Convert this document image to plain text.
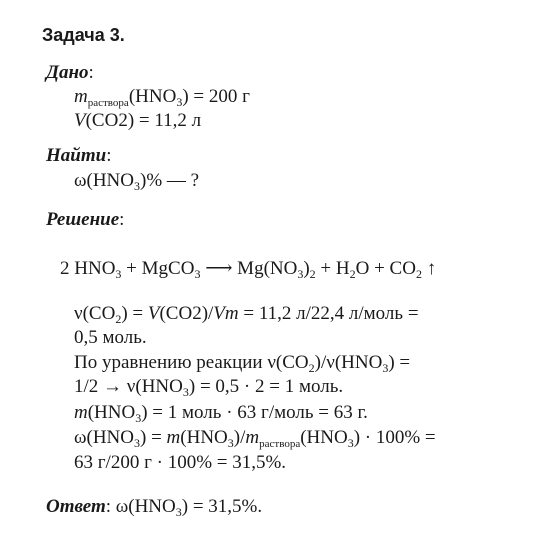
Задача 3.
Дано:
$m_{раствора}(HNO_3) = 200$ г
V(CO2) = 11,2 л
Найти:
$\omega(HNO_3)\%$ — ?
Решение:
2 $HNO_3$ + MgCO$_3$ ⟶ $Mg(NO_3)_2 + H_2O + CO_2$ ↑
$\nu(CO_2) = V(CO2)/Vm = 11,2$ л/22,4 л/моль =
0,5 моль.
По уравнению реакции $\nu(CO_2)/\nu(HNO_3)$ =
$1/2 \to \nu(HNO_3) = 0,5 \cdot 2 = 1$ моль.
$m(HNO_3) = 1$ моль · 63 г/моль = 63 г.
$\omega(HNO_3) = m(HNO_3)/m_{раствора}(HNO_3) \cdot 100\%$ =
63 г/200 г · 100% = 31,5%.
Ответ: $\omega(HNO_3) = 31,5\%$.
